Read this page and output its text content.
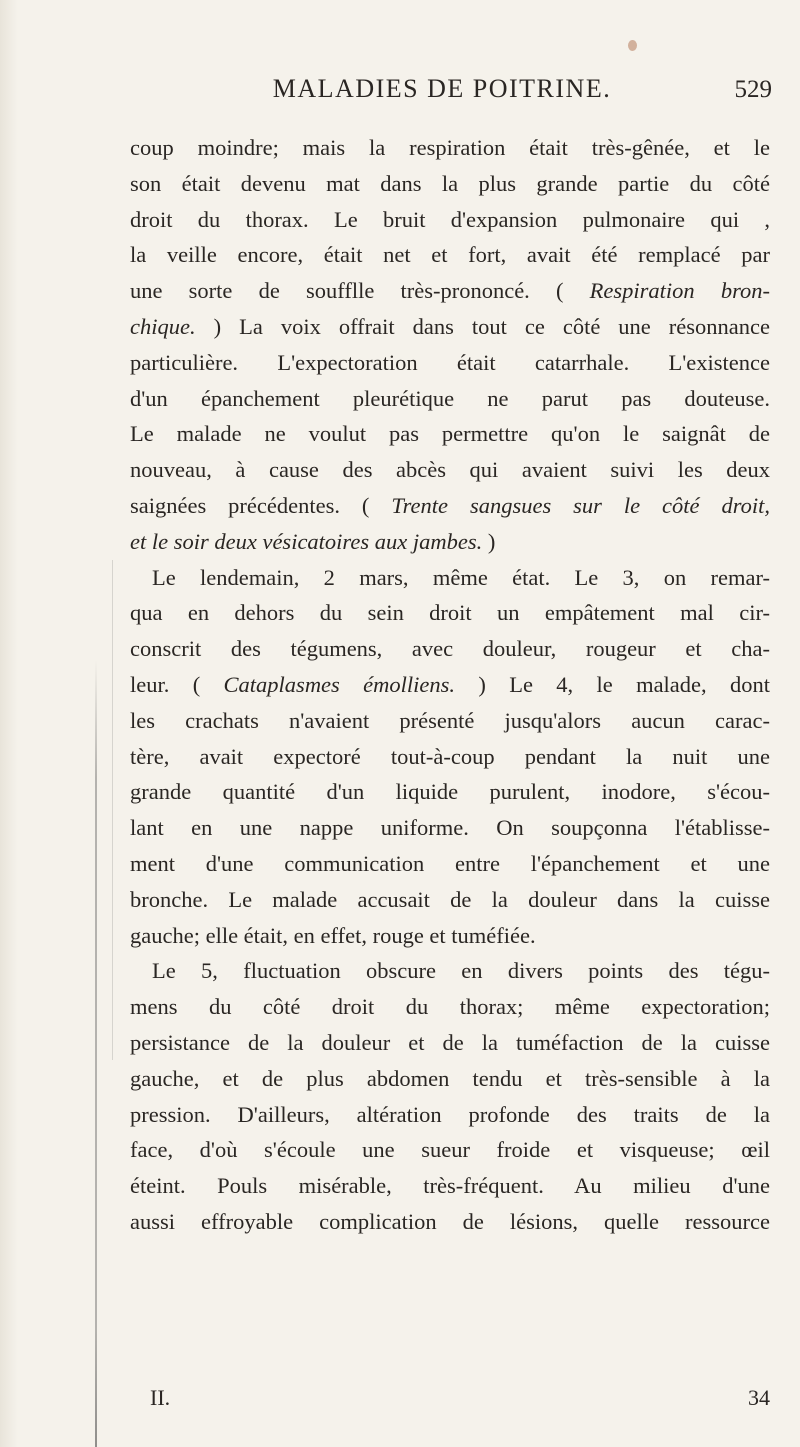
MALADIES DE POITRINE.	529
coup moindre; mais la respiration était très-gênée, et le
son était devenu mat dans la plus grande partie du côté
droit du thorax. Le bruit d'expansion pulmonaire qui ,
la veille encore, était net et fort, avait été remplacé par
une sorte de soufflle très-prononcé. ( Respiration bron-
chique. ) La voix offrait dans tout ce côté une résonnance
particulière. L'expectoration était catarrhale. L'existence
d'un épanchement pleurétique ne parut pas douteuse.
Le malade ne voulut pas permettre qu'on le saignât de
nouveau, à cause des abcès qui avaient suivi les deux
saignées précédentes. ( Trente sangsues sur le côté droit,
et le soir deux vésicatoires aux jambes. )
Le lendemain, 2 mars, même état. Le 3, on remar-
qua en dehors du sein droit un empâtement mal cir-
conscrit des tégumens, avec douleur, rougeur et cha-
leur. ( Cataplasmes émolliens. ) Le 4, le malade, dont
les crachats n'avaient présenté jusqu'alors aucun carac-
tère, avait expectoré tout-à-coup pendant la nuit une
grande quantité d'un liquide purulent, inodore, s'écou-
lant en une nappe uniforme. On soupçonna l'établisse-
ment d'une communication entre l'épanchement et une
bronche. Le malade accusait de la douleur dans la cuisse
gauche; elle était, en effet, rouge et tuméfiée.
Le 5, fluctuation obscure en divers points des tégu-
mens du côté droit du thorax; même expectoration;
persistance de la douleur et de la tuméfaction de la cuisse
gauche, et de plus abdomen tendu et très-sensible à la
pression. D'ailleurs, altération profonde des traits de la
face, d'où s'écoule une sueur froide et visqueuse; œil
éteint. Pouls misérable, très-fréquent. Au milieu d'une
aussi effroyable complication de lésions, quelle ressource
II.	34
